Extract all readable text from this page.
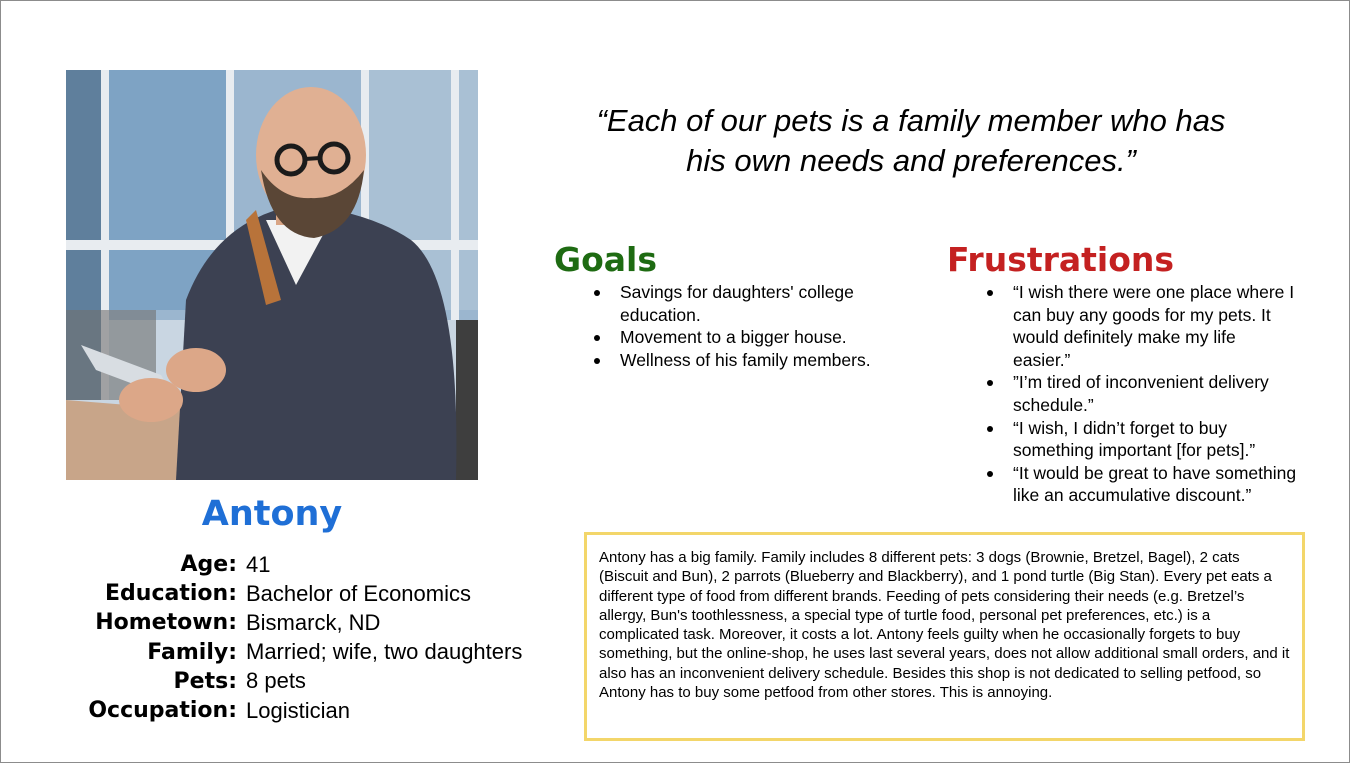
Antony
Age: 41
Education: Bachelor of Economics
Hometown: Bismarck, ND
Family: Married; wife, two daughters
Pets: 8 pets
Occupation: Logistician
“Each of our pets is a family member who has
his own needs and preferences.”
Goals
Savings for daughters' college education.
Movement to a bigger house.
Wellness of his family members.
Frustrations
“I wish there were one place where I can buy any goods for my pets. It would definitely make my life easier.”
”I’m tired of inconvenient delivery schedule.”
“I wish, I didn’t forget to buy something important [for pets].”
“It would be great to have something like an accumulative discount.”
Antony has a big family. Family includes 8 different pets: 3 dogs (Brownie, Bretzel, Bagel), 2 cats (Biscuit and Bun), 2 parrots (Blueberry and Blackberry), and 1 pond turtle (Big Stan). Every pet eats a different type of food from different brands. Feeding of pets considering their needs (e.g. Bretzel’s allergy, Bun's toothlessness, a special type of turtle food, personal pet preferences, etc.) is a complicated task. Moreover, it costs a lot. Antony feels guilty when he occasionally forgets to buy something, but the online-shop, he uses last several years, does not allow additional small orders, and it also has an inconvenient delivery schedule. Besides this shop is not dedicated to selling petfood, so Antony has to buy some petfood from other stores. This is annoying.
